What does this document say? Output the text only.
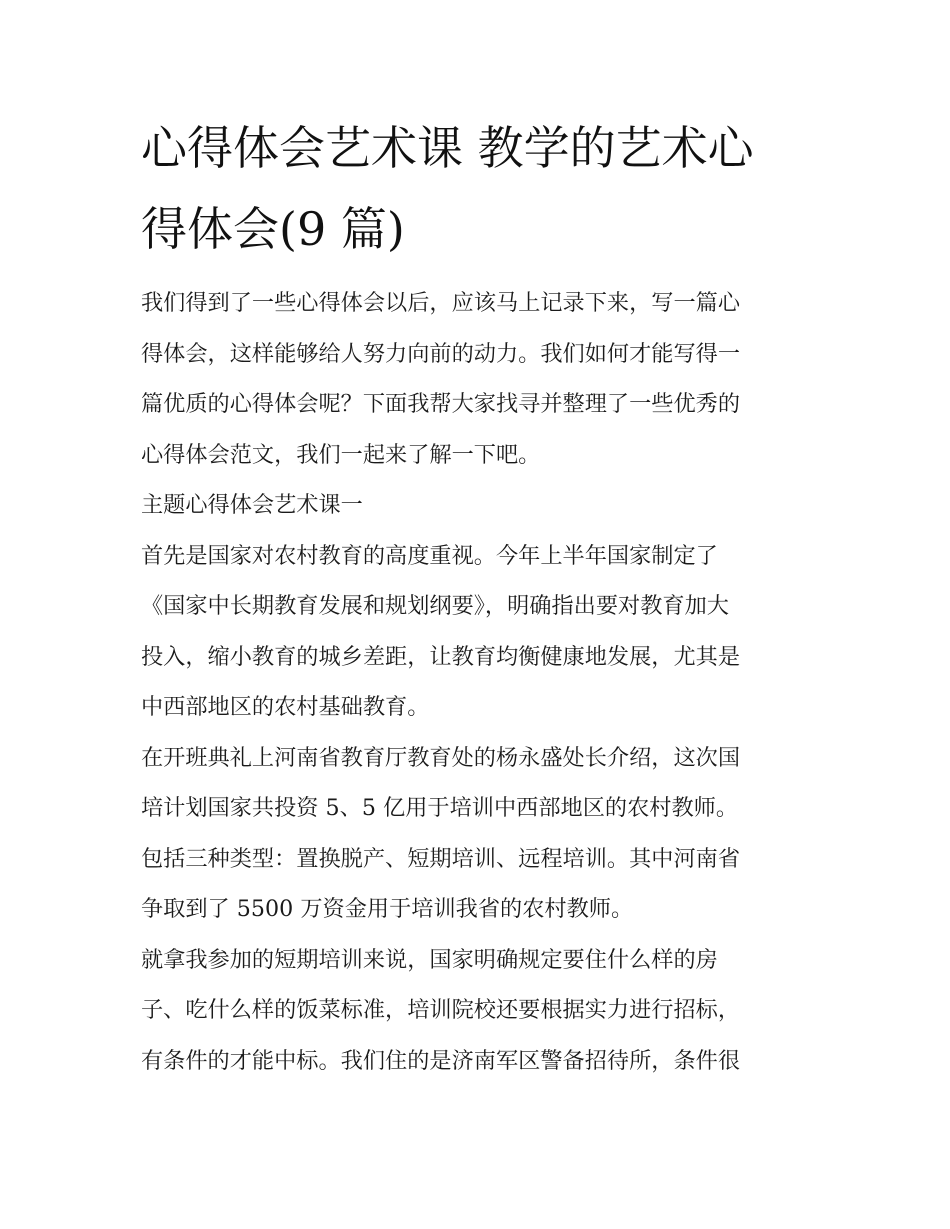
心得体会艺术课 教学的艺术心
得体会(9 篇)
我们得到了一些心得体会以后，应该马上记录下来，写一篇心
得体会，这样能够给人努力向前的动力。我们如何才能写得一
篇优质的心得体会呢？下面我帮大家找寻并整理了一些优秀的
心得体会范文，我们一起来了解一下吧。
主题心得体会艺术课一
首先是国家对农村教育的高度重视。今年上半年国家制定了
《国家中长期教育发展和规划纲要》，明确指出要对教育加大
投入，缩小教育的城乡差距，让教育均衡健康地发展，尤其是
中西部地区的农村基础教育。
在开班典礼上河南省教育厅教育处的杨永盛处长介绍，这次国
培计划国家共投资 5、5 亿用于培训中西部地区的农村教师。
包括三种类型：置换脱产、短期培训、远程培训。其中河南省
争取到了 5500 万资金用于培训我省的农村教师。
就拿我参加的短期培训来说，国家明确规定要住什么样的房
子、吃什么样的饭菜标准，培训院校还要根据实力进行招标，
有条件的才能中标。我们住的是济南军区警备招待所，条件很
